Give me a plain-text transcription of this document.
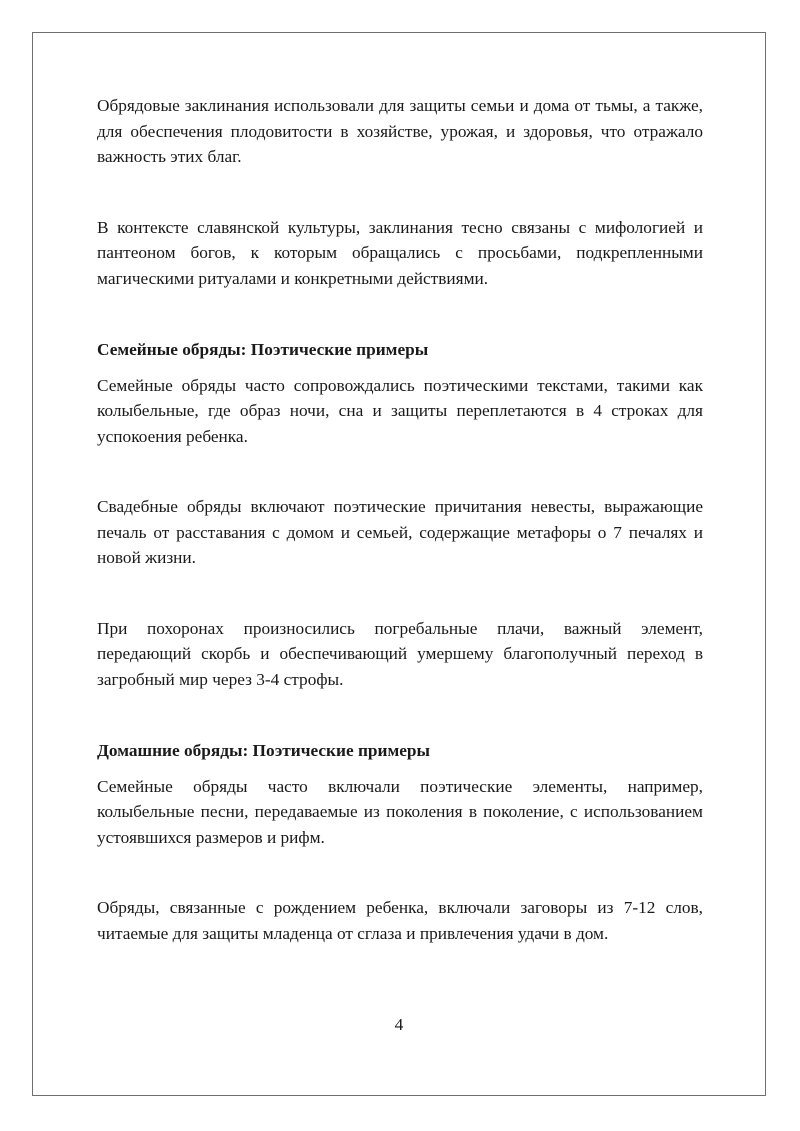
Обрядовые заклинания использовали для защиты семьи и дома от тьмы, а также, для обеспечения плодовитости в хозяйстве, урожая, и здоровья, что отражало важность этих благ.

В контексте славянской культуры, заклинания тесно связаны с мифологией и пантеоном богов, к которым обращались с просьбами, подкрепленными магическими ритуалами и конкретными действиями.

Семейные обряды: Поэтические примеры

Семейные обряды часто сопровождались поэтическими текстами, такими как колыбельные, где образ ночи, сна и защиты переплетаются в 4 строках для успокоения ребенка.

Свадебные обряды включают поэтические причитания невесты, выражающие печаль от расставания с домом и семьей, содержащие метафоры о 7 печалях и новой жизни.

При похоронах произносились погребальные плачи, важный элемент, передающий скорбь и обеспечивающий умершему благополучный переход в загробный мир через 3-4 строфы.

Домашние обряды: Поэтические примеры

Семейные обряды часто включали поэтические элементы, например, колыбельные песни, передаваемые из поколения в поколение, с использованием устоявшихся размеров и рифм.

Обряды, связанные с рождением ребенка, включали заговоры из 7-12 слов, читаемые для защиты младенца от сглаза и привлечения удачи в дом.

4
